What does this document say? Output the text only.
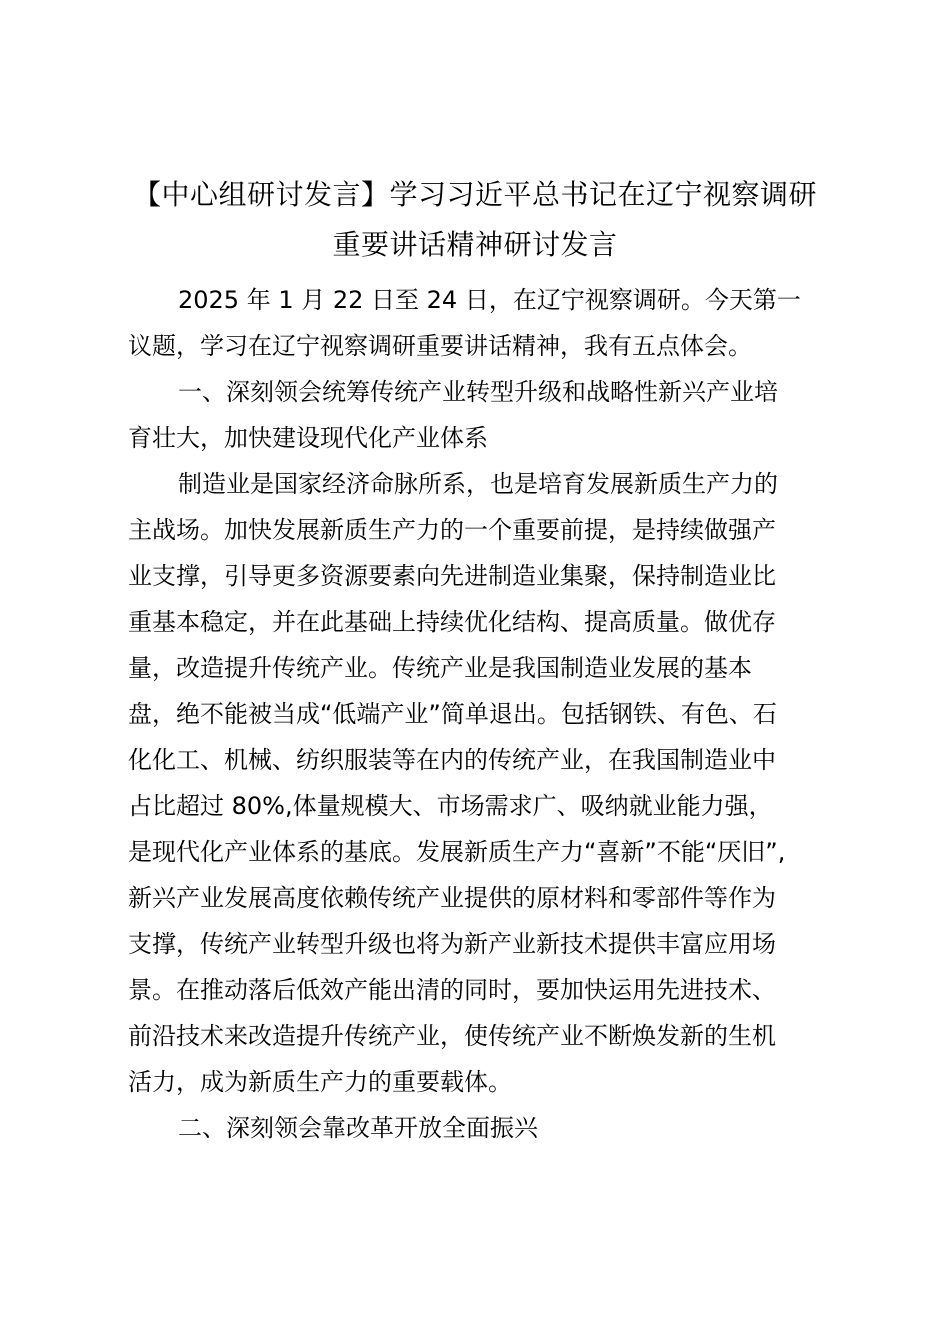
【中心组研讨发言】学习习近平总书记在辽宁视察调研
重要讲话精神研讨发言
2025 年 1 月 22 日至 24 日，在辽宁视察调研。今天第一
议题，学习在辽宁视察调研重要讲话精神，我有五点体会。
一、深刻领会统筹传统产业转型升级和战略性新兴产业培
育壮大，加快建设现代化产业体系
制造业是国家经济命脉所系，也是培育发展新质生产力的
主战场。加快发展新质生产力的一个重要前提，是持续做强产
业支撑，引导更多资源要素向先进制造业集聚，保持制造业比
重基本稳定，并在此基础上持续优化结构、提高质量。做优存
量，改造提升传统产业。传统产业是我国制造业发展的基本
盘，绝不能被当成“低端产业”简单退出。包括钢铁、有色、石
化化工、机械、纺织服装等在内的传统产业，在我国制造业中
占比超过 80%,体量规模大、市场需求广、吸纳就业能力强，
是现代化产业体系的基底。发展新质生产力“喜新”不能“厌旧”,
新兴产业发展高度依赖传统产业提供的原材料和零部件等作为
支撑，传统产业转型升级也将为新产业新技术提供丰富应用场
景。在推动落后低效产能出清的同时，要加快运用先进技术、
前沿技术来改造提升传统产业，使传统产业不断焕发新的生机
活力，成为新质生产力的重要载体。
二、深刻领会靠改革开放全面振兴
